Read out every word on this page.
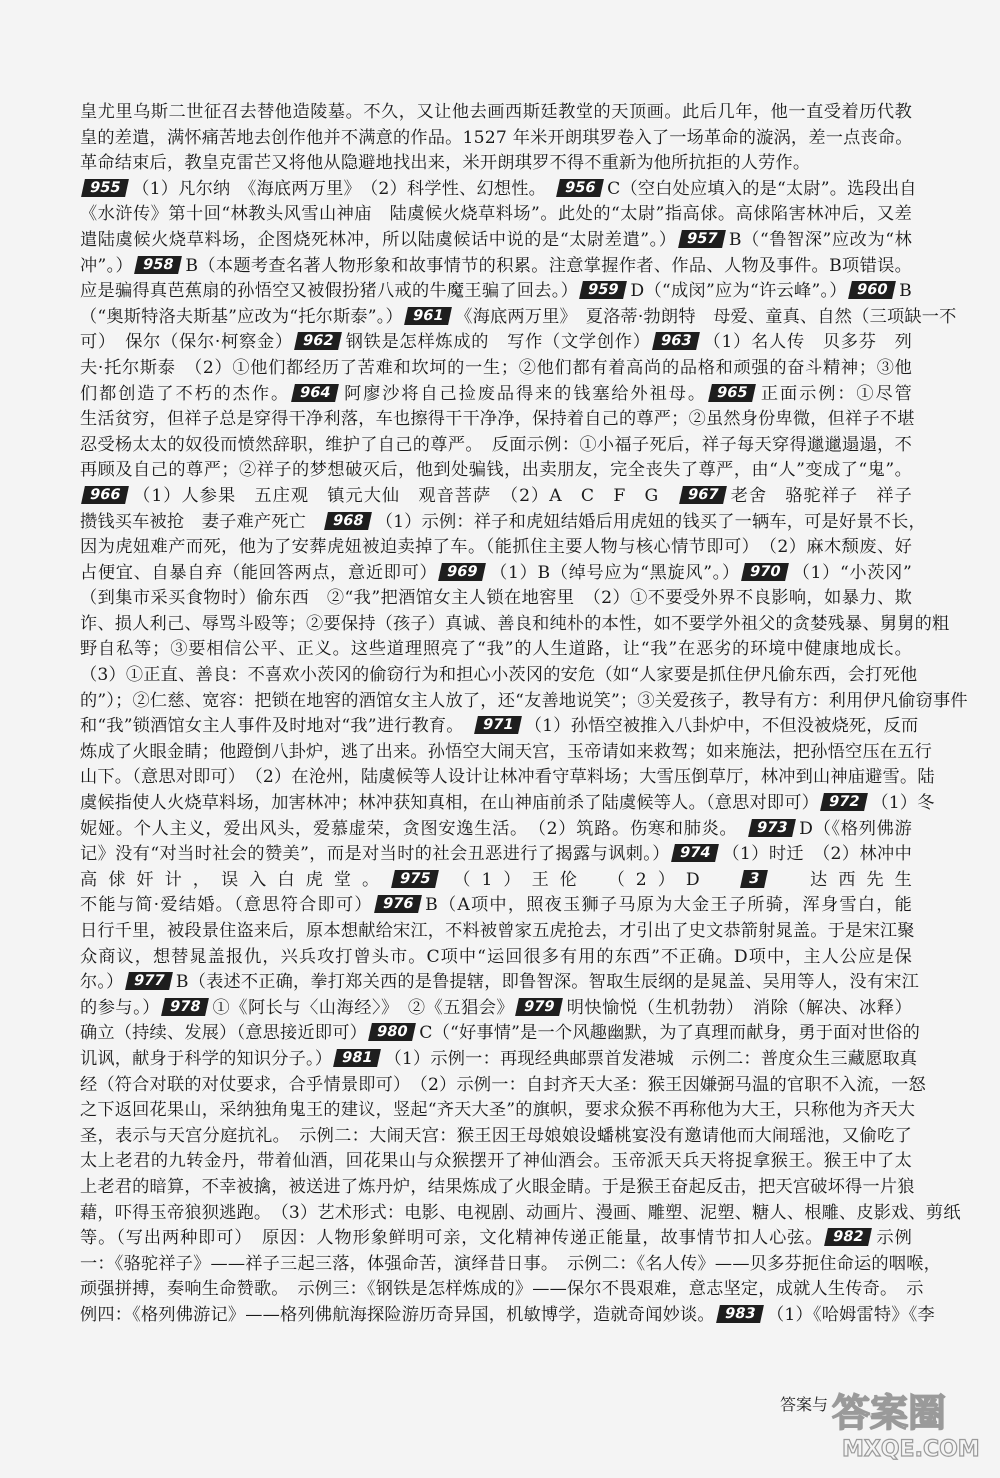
皇尤里乌斯二世征召去替他造陵墓。不久，又让他去画西斯廷教堂的天顶画。此后几年，他一直受着历代教
皇的差遣，满怀痛苦地去创作他并不满意的作品。1527 年米开朗琪罗卷入了一场革命的漩涡，差一点丧命。
革命结束后，教皇克雷芒又将他从隐避地找出来，米开朗琪罗不得不重新为他所抗拒的人劳作。
955 （1）凡尔纳　《海底两万里》　（2）科学性、幻想性。　956 C（空白处应填入的是“太尉”。选段出自
《水浒传》第十回“林教头风雪山神庙　陆虞候火烧草料场”。此处的“太尉”指高俅。高俅陷害林冲后，又差
遣陆虞候火烧草料场，企图烧死林冲，所以陆虞候话中说的是“太尉差遣”。） 957 B（“鲁智深”应改为“林
冲”。） 958 B（本题考查名著人物形象和故事情节的积累。注意掌握作者、作品、人物及事件。B项错误。
应是骗得真芭蕉扇的孙悟空又被假扮猪八戒的牛魔王骗了回去。） 959 D（“成闵”应为“许云峰”。） 960 B
（“奥斯特洛夫斯基”应改为“托尔斯泰”。） 961 《海底两万里》　夏洛蒂·勃朗特　母爱、童真、自然（三项缺一不
可）　保尔（保尔·柯察金） 962 钢铁是怎样炼成的　写作（文学创作） 963 （1）名人传　贝多芬　列
夫·托尔斯泰　（2）①他们都经历了苦难和坎坷的一生；②他们都有着高尚的品格和顽强的奋斗精神；③他
们都创造了不朽的杰作。 964 阿廖沙将自己捡废品得来的钱塞给外祖母。 965 正面示例：①尽管
生活贫穷，但祥子总是穿得干净利落，车也擦得干干净净，保持着自己的尊严；②虽然身份卑微，但祥子不堪
忍受杨太太的奴役而愤然辞职，维护了自己的尊严。　反面示例：①小福子死后，祥子每天穿得邋邋遢遢，不
再顾及自己的尊严；②祥子的梦想破灭后，他到处骗钱，出卖朋友，完全丧失了尊严，由“人”变成了“鬼”。
966 （1）人参果　五庄观　镇元大仙　观音菩萨　（2）A　C　F　G　967 老舍　骆驼祥子　祥子
攒钱买车被抢　妻子难产死亡　968 （1）示例：祥子和虎妞结婚后用虎妞的钱买了一辆车，可是好景不长，
因为虎妞难产而死，他为了安葬虎妞被迫卖掉了车。（能抓住主要人物与核心情节即可）　（2）麻木颓废、好
占便宜、自暴自弃（能回答两点，意近即可） 969 （1）B（绰号应为“黑旋风”。） 970 （1）“小茨冈”
（到集市采买食物时）偷东西　②“我”把酒馆女主人锁在地窖里　（2）①不要受外界不良影响，如暴力、欺
诈、损人利己、辱骂斗殴等；②要保持（孩子）真诚、善良和纯朴的本性，如不要学外祖父的贪婪残暴、舅舅的粗
野自私等；③要相信公平、正义。这些道理照亮了“我”的人生道路，让“我”在恶劣的环境中健康地成长。
（3）①正直、善良：不喜欢小茨冈的偷窃行为和担心小茨冈的安危（如“人家要是抓住伊凡偷东西，会打死他
的”）；②仁慈、宽容：把锁在地窖的酒馆女主人放了，还“友善地说笑”；③关爱孩子，教导有方：利用伊凡偷窃事件
和“我”锁酒馆女主人事件及时地对“我”进行教育。　971 （1）孙悟空被推入八卦炉中，不但没被烧死，反而
炼成了火眼金睛；他蹬倒八卦炉，逃了出来。孙悟空大闹天宫，玉帝请如来救驾；如来施法，把孙悟空压在五行
山下。（意思对即可）　（2）在沧州，陆虞候等人设计让林冲看守草料场；大雪压倒草厅，林冲到山神庙避雪。陆
虞候指使人火烧草料场，加害林冲；林冲获知真相，在山神庙前杀了陆虞候等人。（意思对即可） 972 （1）冬
妮娅。个人主义，爱出风头，爱慕虚荣，贪图安逸生活。　（2）筑路。伤寒和肺炎。　973 D（《格列佛游
记》没有“对当时社会的赞美”，而是对当时的社会丑恶进行了揭露与讽刺。） 974 （1）时迁　（2）林冲中
高俅奸计，误入白虎堂。 975 （1）王伦　（2）D　3　	达西先生
不能与简·爱结婚。（意思符合即可） 976 B（A项中，照夜玉狮子马原为大金王子所骑，浑身雪白，能
日行千里，被段景住盗来后，原本想献给宋江，不料被曾家五虎抢去，才引出了史文恭箭射晁盖。于是宋江聚
众商议，想替晁盖报仇，兴兵攻打曾头市。C项中“运回很多有用的东西”不正确。D项中，主人公应是保
尔。） 977 B（表述不正确，拳打郑关西的是鲁提辖，即鲁智深。智取生辰纲的是晁盖、吴用等人，没有宋江
的参与。） 978 ①《阿长与〈山海经〉》　②《五猖会》 979 明快愉悦（生机勃勃）　消除（解决、冰释）
确立（持续、发展）（意思接近即可） 980 C（“好事情”是一个风趣幽默，为了真理而献身，勇于面对世俗的
讥讽，献身于科学的知识分子。） 981 （1）示例一：再现经典邮票首发港城　示例二：普度众生三藏愿取真
经（符合对联的对仗要求，合乎情景即可）　（2）示例一：自封齐天大圣：猴王因嫌弼马温的官职不入流，一怒
之下返回花果山，采纳独角鬼王的建议，竖起“齐天大圣”的旗帜，要求众猴不再称他为大王，只称他为齐天大
圣，表示与天宫分庭抗礼。　示例二：大闹天宫：猴王因王母娘娘设蟠桃宴没有邀请他而大闹瑶池，又偷吃了
太上老君的九转金丹，带着仙酒，回花果山与众猴摆开了神仙酒会。玉帝派天兵天将捉拿猴王。猴王中了太
上老君的暗算，不幸被擒，被送进了炼丹炉，结果炼成了火眼金睛。于是猴王奋起反击，把天宫破坏得一片狼
藉，吓得玉帝狼狈逃跑。　（3）艺术形式：电影、电视剧、动画片、漫画、雕塑、泥塑、糖人、根雕、皮影戏、剪纸
等。（写出两种即可）　原因：人物形象鲜明可亲，文化精神传递正能量，故事情节扣人心弦。 982 示例
一：《骆驼祥子》——祥子三起三落，体强命苦，演绎昔日事。　示例二：《名人传》——贝多芬扼住命运的咽喉，
顽强拼搏，奏响生命赞歌。　示例三：《钢铁是怎样炼成的》——保尔不畏艰难，意志坚定，成就人生传奇。　示
例四：《格列佛游记》——格列佛航海探险游历奇异国，机敏博学，造就奇闻妙谈。 983 （1）《哈姆雷特》《李
答案与 答案圈
MXQE.COM
